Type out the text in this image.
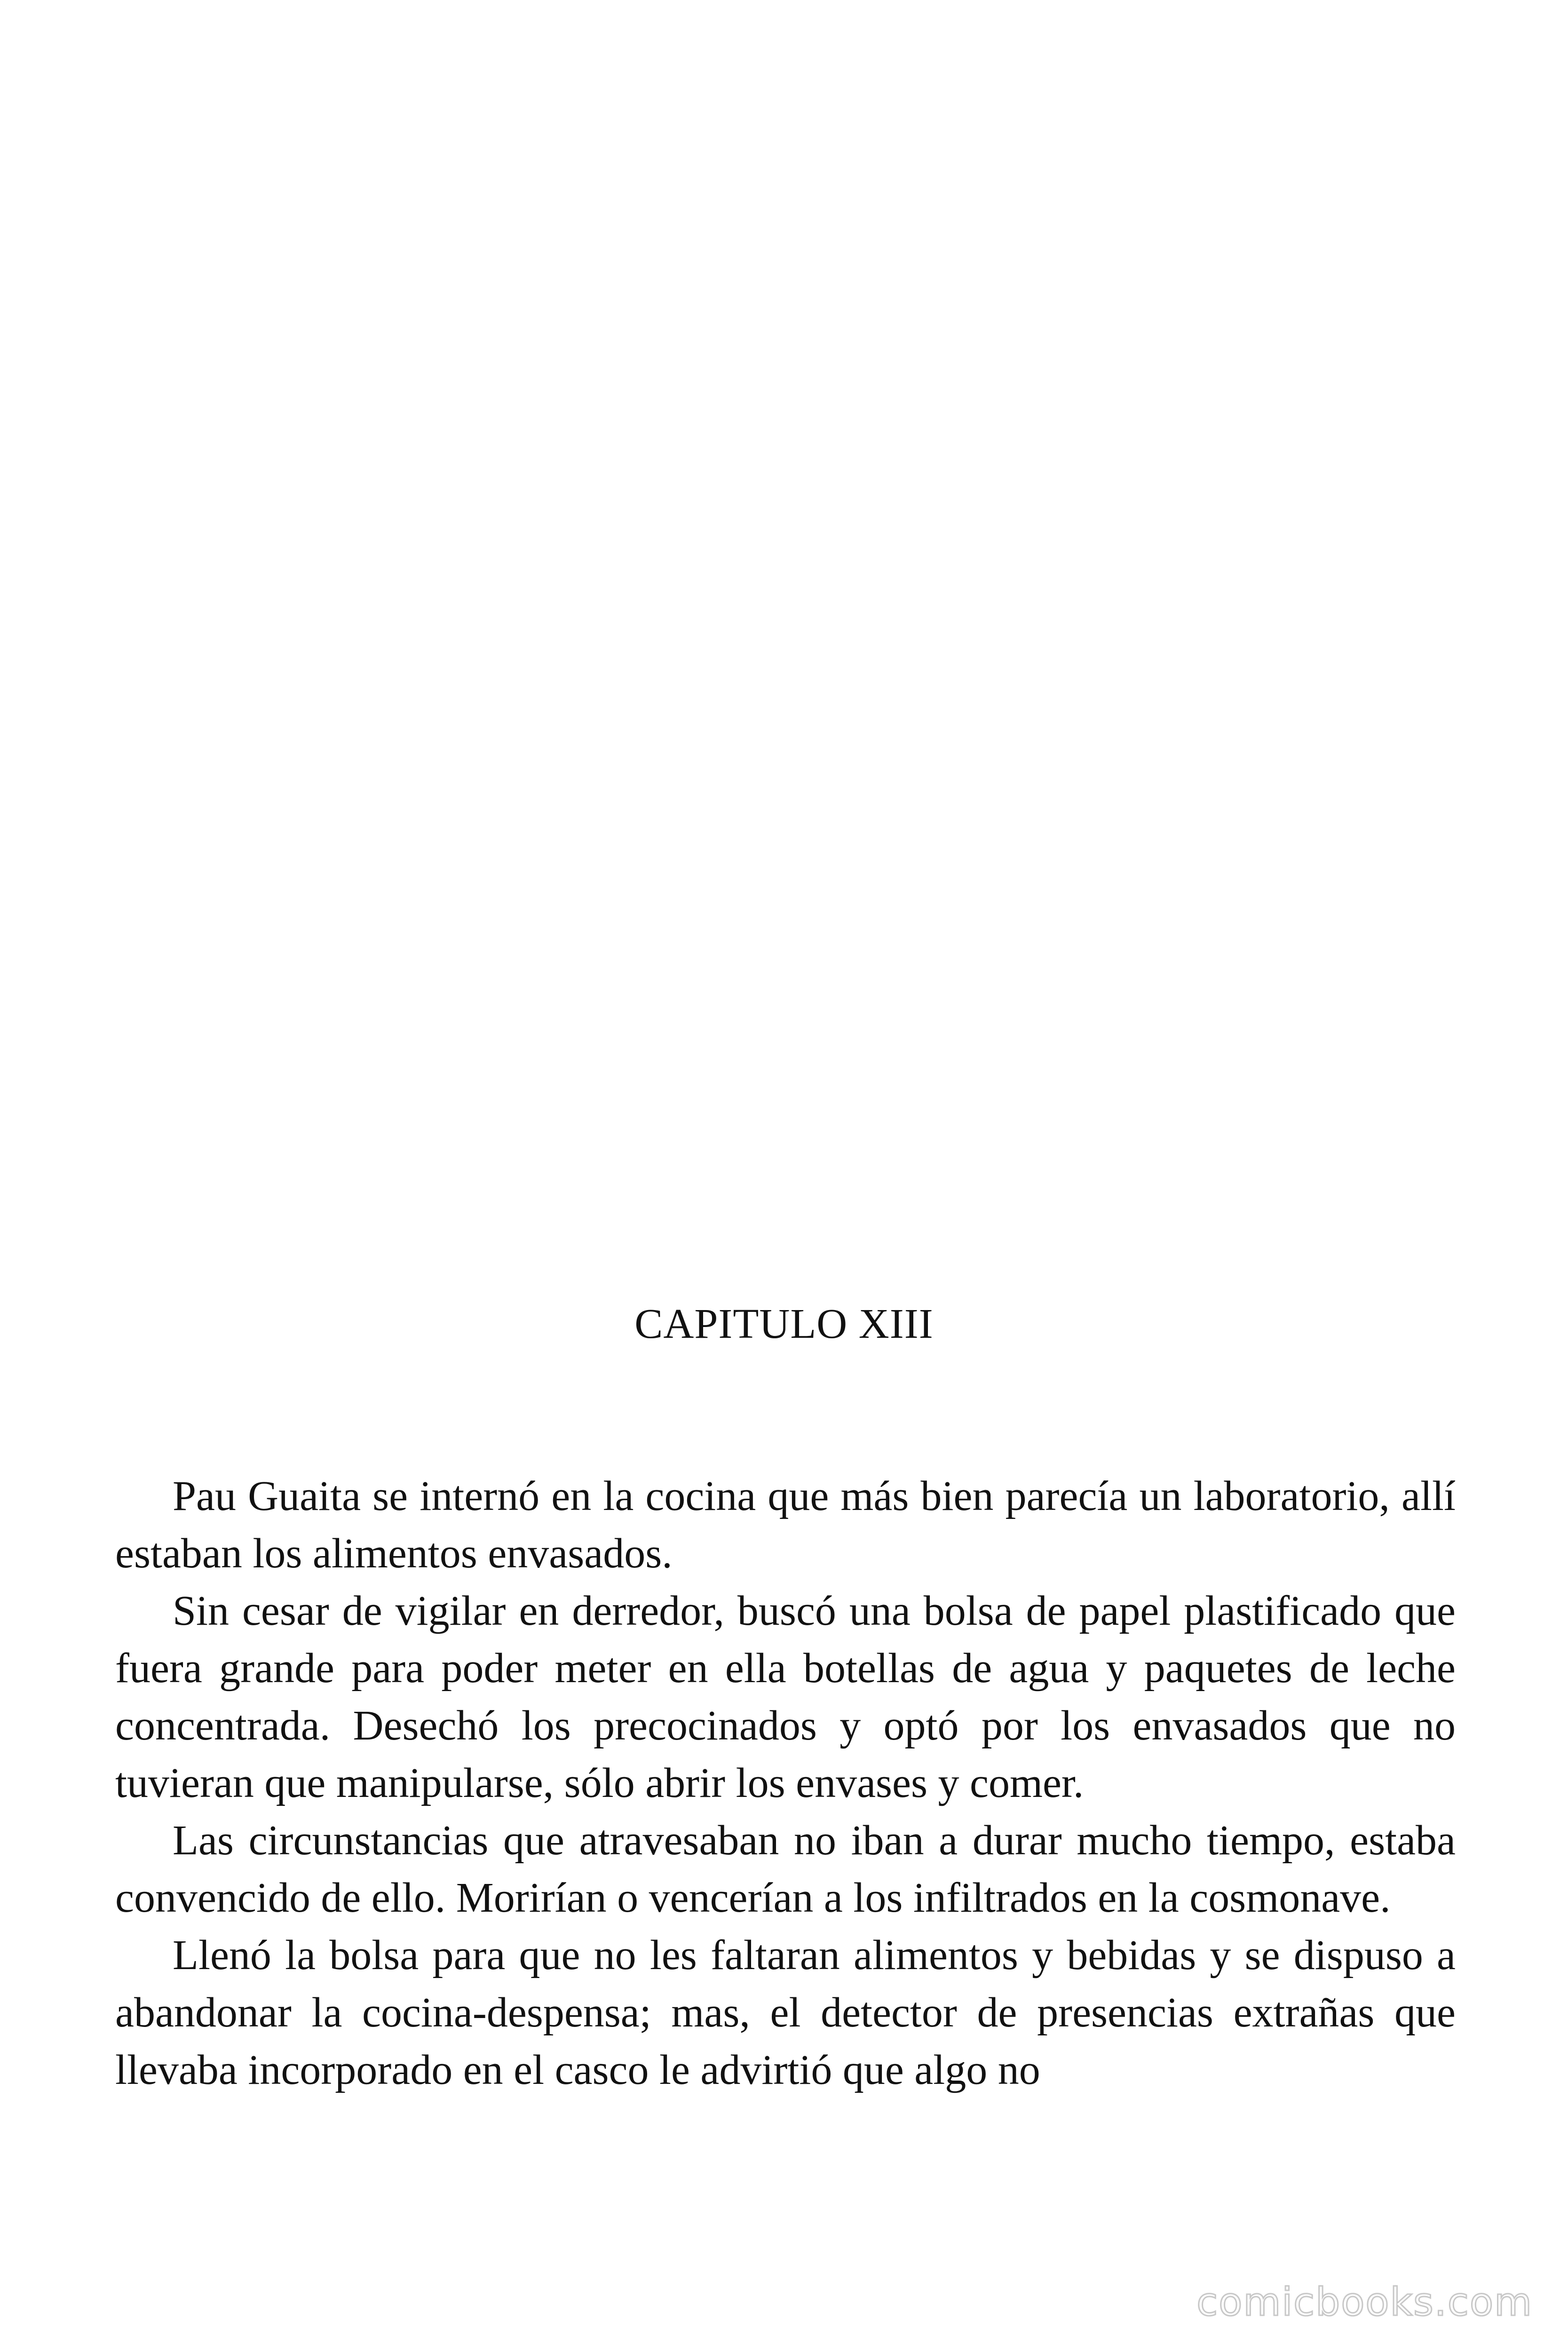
CAPITULO XIII

Pau Guaita se internó en la cocina que más bien parecía un laboratorio, allí estaban los alimentos envasados.

Sin cesar de vigilar en derredor, buscó una bolsa de papel plastificado que fuera grande para poder meter en ella botellas de agua y paquetes de leche concentrada. Desechó los precocinados y optó por los envasados que no tuvieran que manipularse, sólo abrir los envases y comer.

Las circunstancias que atravesaban no iban a durar mucho tiempo, estaba convencido de ello. Morirían o vencerían a los infiltrados en la cosmonave.

Llenó la bolsa para que no les faltaran alimentos y bebidas y se dispuso a abandonar la cocina-despensa; mas, el detector de presencias extrañas que llevaba incorporado en el casco le advirtió que algo no

comicbooks.com
